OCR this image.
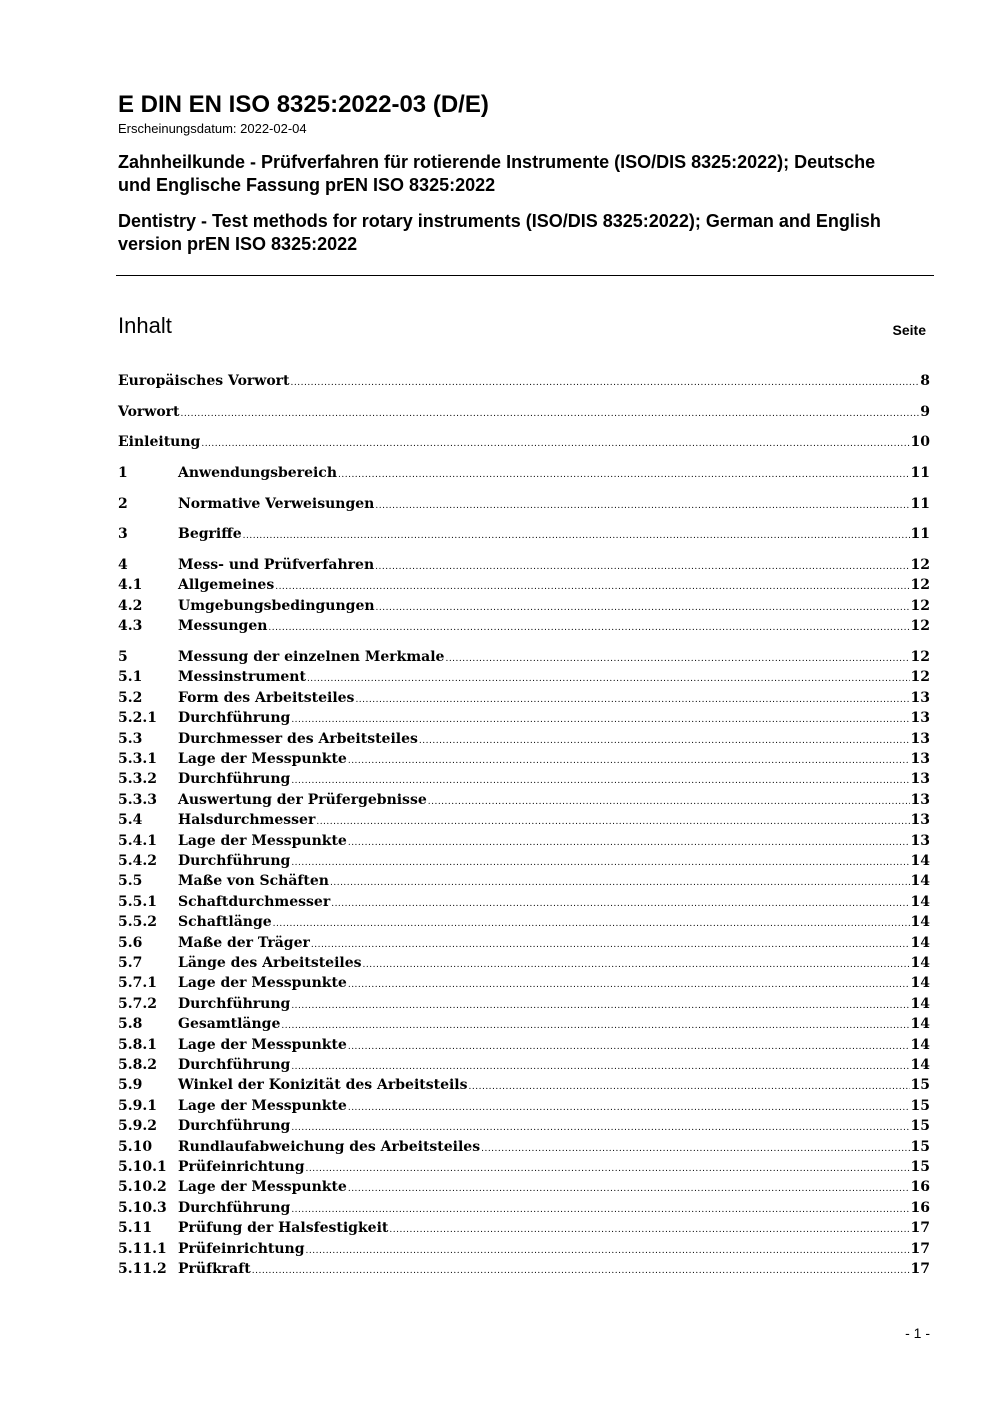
E DIN EN ISO 8325:2022-03 (D/E)

Erscheinungsdatum: 2022-02-04

Zahnheilkunde - Prüfverfahren für rotierende Instrumente (ISO/DIS 8325:2022); Deutsche und Englische Fassung prEN ISO 8325:2022

Dentistry - Test methods for rotary instruments (ISO/DIS 8325:2022); German and English version prEN ISO 8325:2022

Inhalt	Seite
Europäisches Vorwort .....	8
Vorwort .....	9
Einleitung .....	10
1	Anwendungsbereich .....	11
2	Normative Verweisungen .....	11
3	Begriffe .....	11
4	Mess- und Prüfverfahren .....	12
4.1	Allgemeines .....	12
4.2	Umgebungsbedingungen .....	12
4.3	Messungen .....	12
5	Messung der einzelnen Merkmale .....	12
5.1	Messinstrument .....	12
5.2	Form des Arbeitsteiles .....	13
5.2.1	Durchführung .....	13
5.3	Durchmesser des Arbeitsteiles .....	13
5.3.1	Lage der Messpunkte .....	13
5.3.2	Durchführung .....	13
5.3.3	Auswertung der Prüfergebnisse .....	13
5.4	Halsdurchmesser .....	13
5.4.1	Lage der Messpunkte .....	13
5.4.2	Durchführung .....	14
5.5	Maße von Schäften .....	14
5.5.1	Schaftdurchmesser .....	14
5.5.2	Schaftlänge .....	14
5.6	Maße der Träger .....	14
5.7	Länge des Arbeitsteiles .....	14
5.7.1	Lage der Messpunkte .....	14
5.7.2	Durchführung .....	14
5.8	Gesamtlänge .....	14
5.8.1	Lage der Messpunkte .....	14
5.8.2	Durchführung .....	14
5.9	Winkel der Konizität des Arbeitsteils .....	15
5.9.1	Lage der Messpunkte .....	15
5.9.2	Durchführung .....	15
5.10	Rundlaufabweichung des Arbeitsteiles .....	15
5.10.1 Prüfeinrichtung .....	15
5.10.2 Lage der Messpunkte .....	16
5.10.3 Durchführung .....	16
5.11	Prüfung der Halsfestigkeit .....	17
5.11.1 Prüfeinrichtung .....	17
5.11.2 Prüfkraft .....	17
- 1 -
